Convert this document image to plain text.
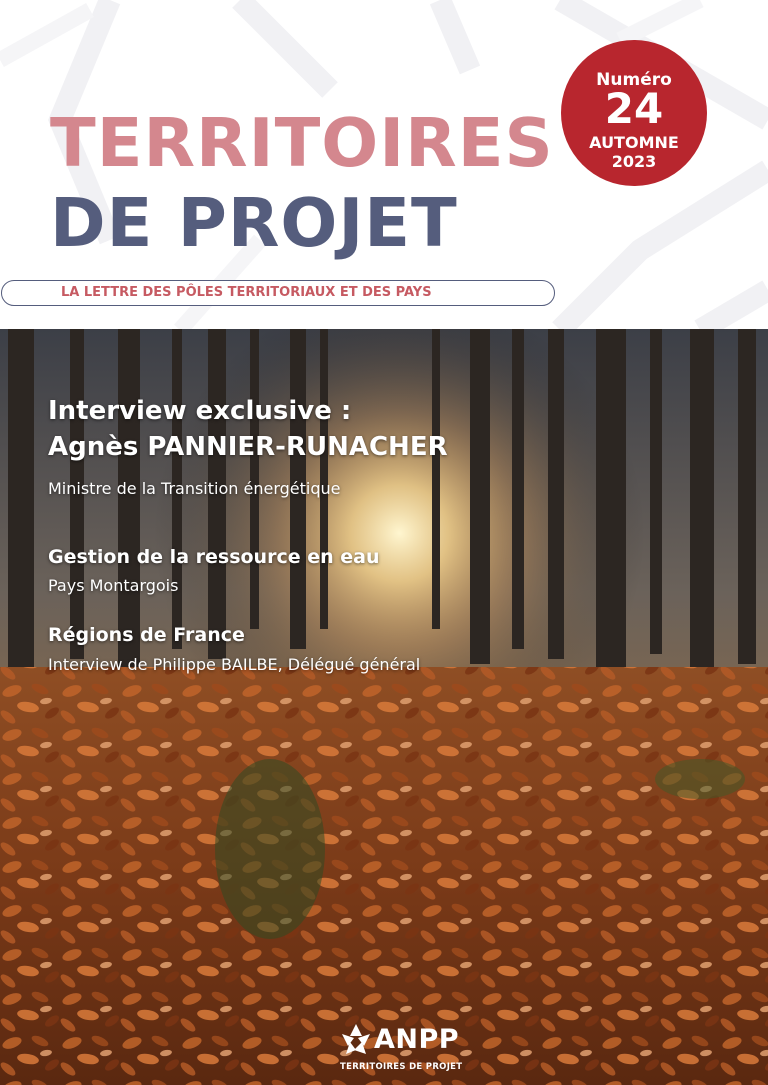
TERRITOIRES
DE PROJET
Numéro
24
AUTOMNE
2023

LA LETTRE DES PÔLES TERRITORIAUX ET DES PAYS

Interview exclusive :
Agnès PANNIER-RUNACHER

Ministre de la Transition énergétique

Gestion de la ressource en eau

Pays Montargois

Régions de France

Interview de Philippe BAILBE, Délégué général

ANPP
TERRITOIRES DE PROJET
